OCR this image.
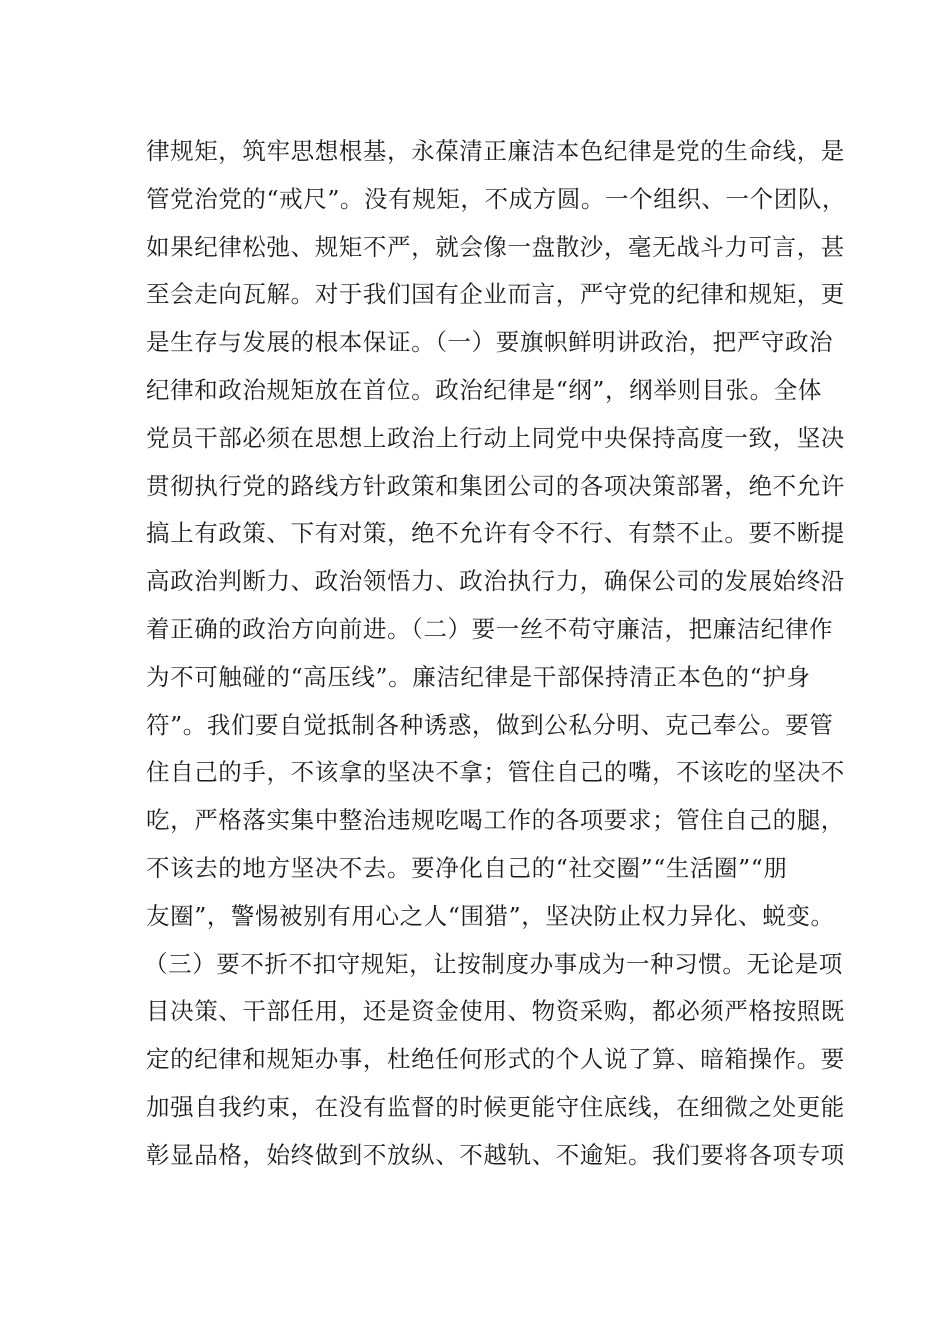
律规矩，筑牢思想根基，永葆清正廉洁本色纪律是党的生命线，是
管党治党的“戒尺”。没有规矩，不成方圆。一个组织、一个团队，
如果纪律松弛、规矩不严，就会像一盘散沙，毫无战斗力可言，甚
至会走向瓦解。对于我们国有企业而言，严守党的纪律和规矩，更
是生存与发展的根本保证。（一）要旗帜鲜明讲政治，把严守政治
纪律和政治规矩放在首位。政治纪律是“纲”，纲举则目张。全体
党员干部必须在思想上政治上行动上同党中央保持高度一致，坚决
贯彻执行党的路线方针政策和集团公司的各项决策部署，绝不允许
搞上有政策、下有对策，绝不允许有令不行、有禁不止。要不断提
高政治判断力、政治领悟力、政治执行力，确保公司的发展始终沿
着正确的政治方向前进。（二）要一丝不苟守廉洁，把廉洁纪律作
为不可触碰的“高压线”。廉洁纪律是干部保持清正本色的“护身
符”。我们要自觉抵制各种诱惑，做到公私分明、克己奉公。要管
住自己的手，不该拿的坚决不拿；管住自己的嘴，不该吃的坚决不
吃，严格落实集中整治违规吃喝工作的各项要求；管住自己的腿，
不该去的地方坚决不去。要净化自己的“社交圈”“生活圈”“朋
友圈”，警惕被别有用心之人“围猎”，坚决防止权力异化、蜕变。
（三）要不折不扣守规矩，让按制度办事成为一种习惯。无论是项
目决策、干部任用，还是资金使用、物资采购，都必须严格按照既
定的纪律和规矩办事，杜绝任何形式的个人说了算、暗箱操作。要
加强自我约束，在没有监督的时候更能守住底线，在细微之处更能
彰显品格，始终做到不放纵、不越轨、不逾矩。我们要将各项专项
